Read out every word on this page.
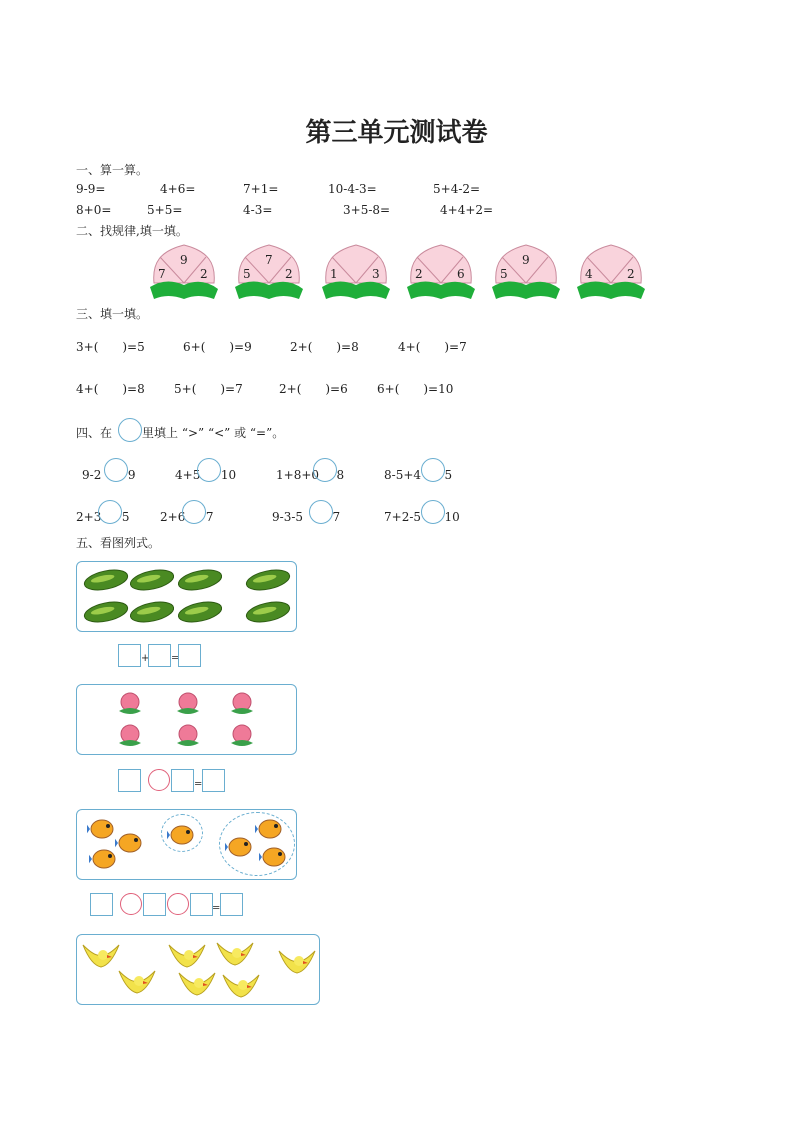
第三单元测试卷
一、算一算。
9-9=	4+6=	7+1=	10-4-3=	5+4-2=
8+0=	5+5=	4-3=	3+5-8=	4+4+2=
二、找规律,填一填。
9
7	2
7
5	2	1	3	2	6
9
5	4	2
三、填一填。
3+(　　)=5	6+(　　)=9	2+(　　)=8	4+(　　)=7
4+(　　)=8 5+(　　)=7	2+(　　)=6 6+(　　)=10
四、在 里填上 “>” “<” 或 “=”。
9-2 9	4+5 10	1+8+0 8	8-5+4 5
2+3 5	2+6 7	9-3-5 7	7+2-5 10
五、看图列式。
+ =
=
=
